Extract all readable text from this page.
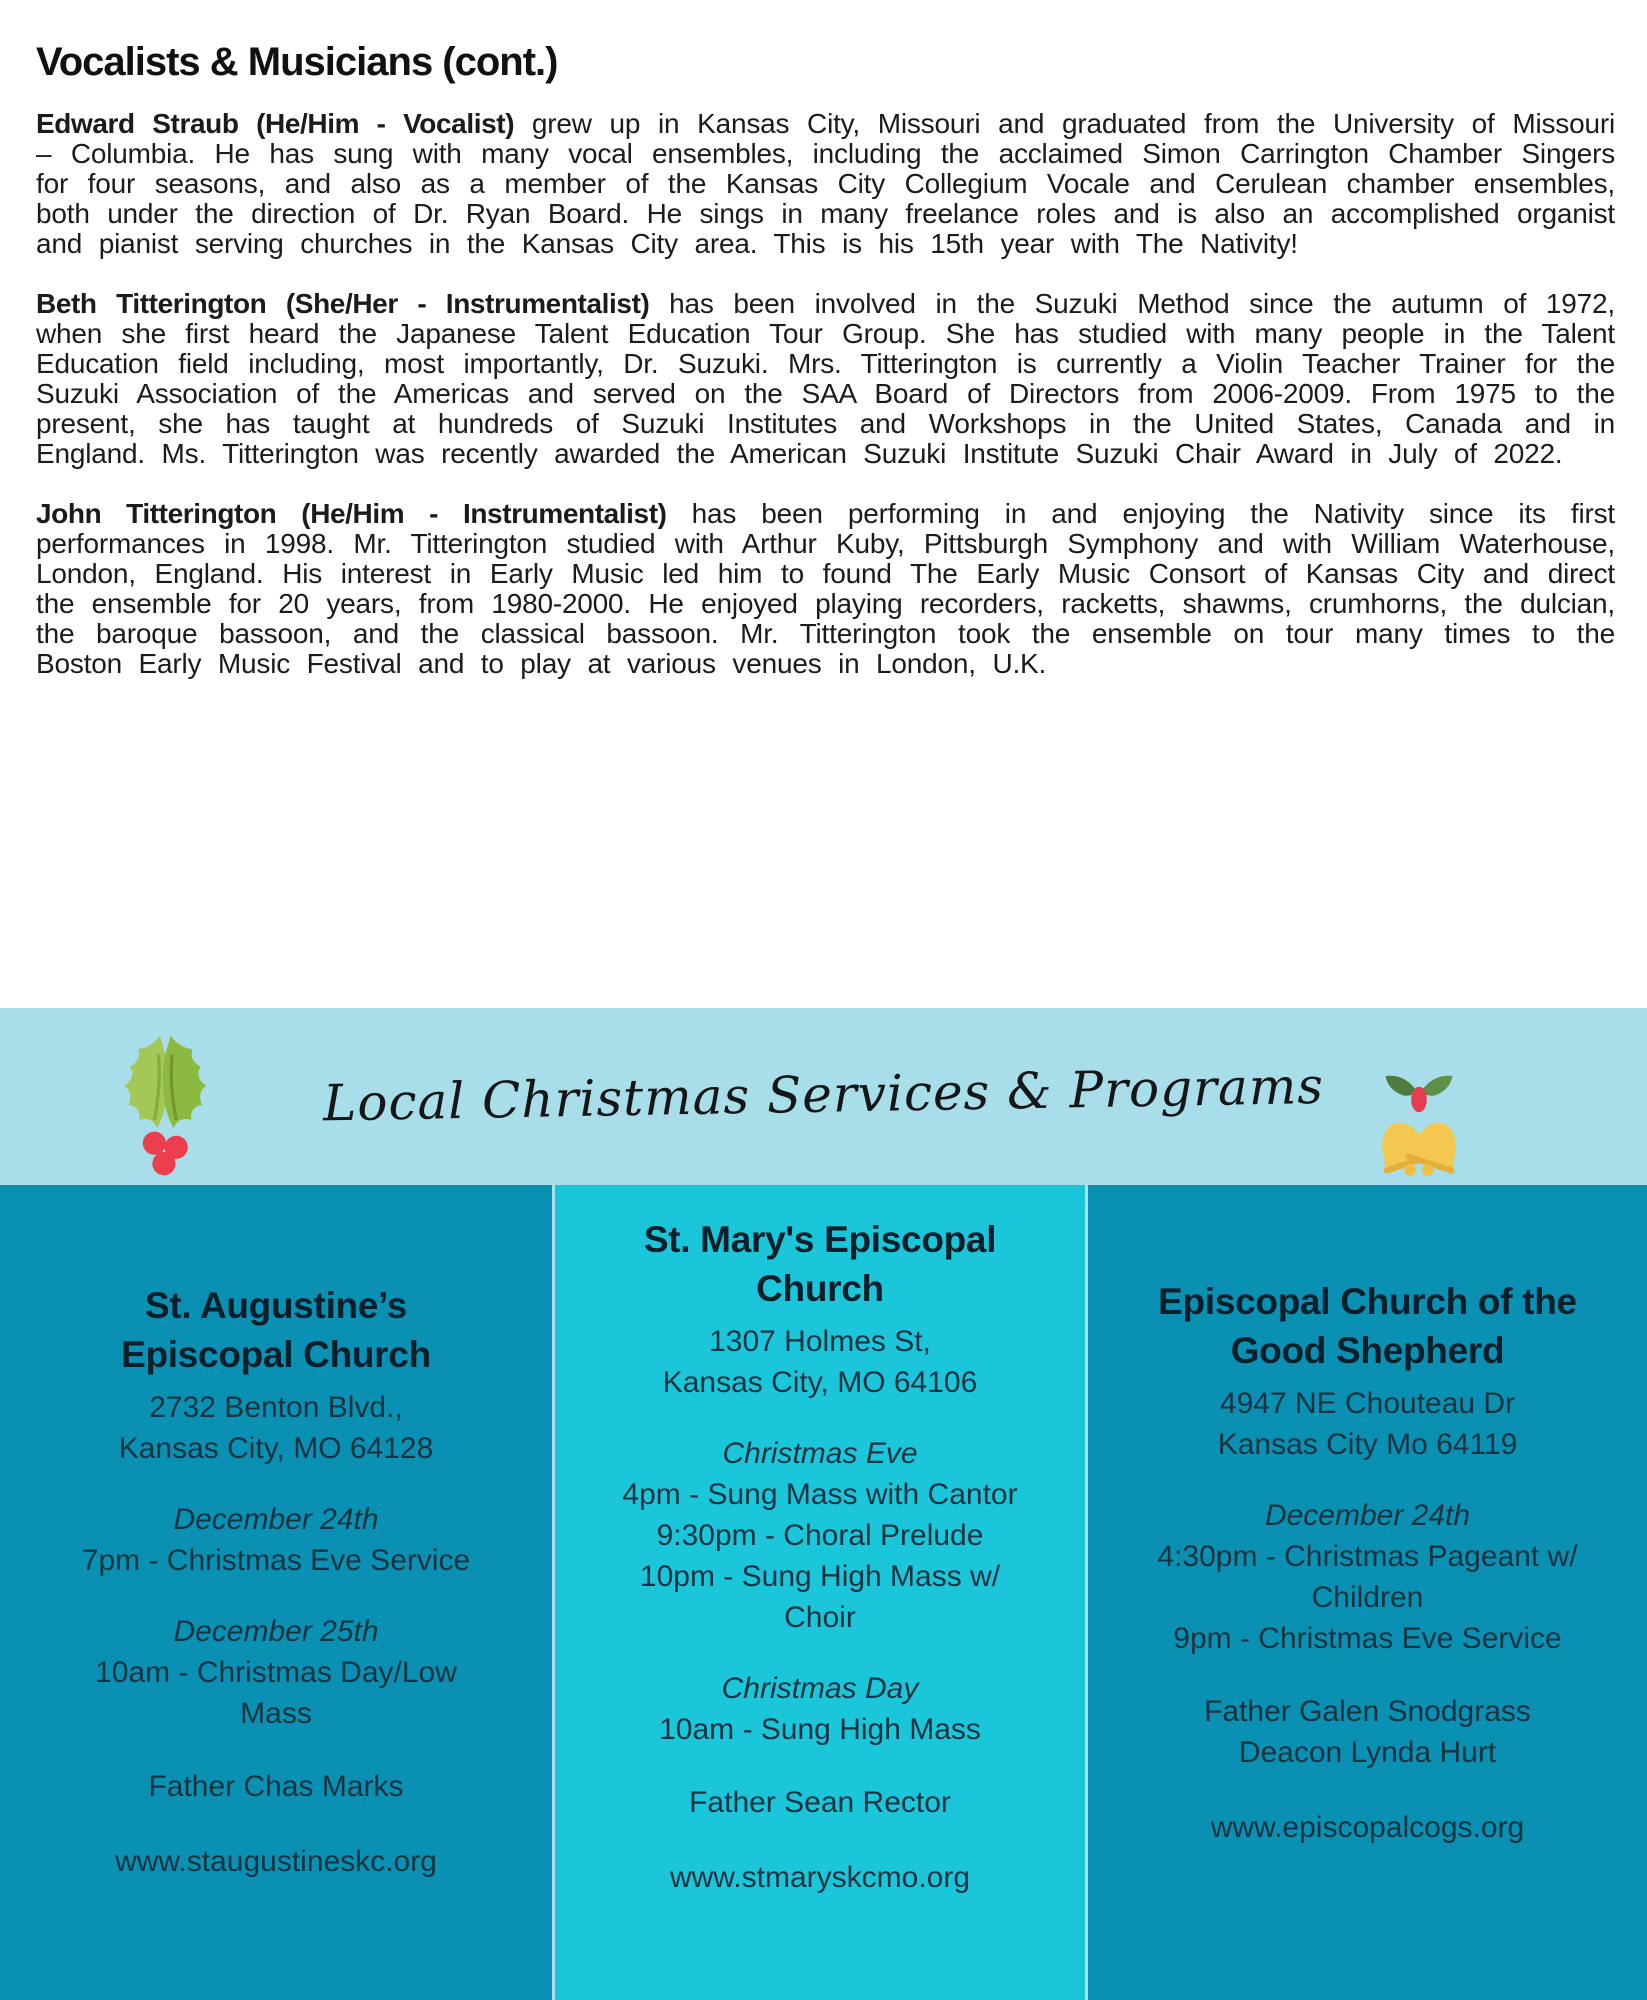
Vocalists & Musicians (cont.)

Edward Straub (He/Him - Vocalist) grew up in Kansas City, Missouri and graduated from the University of Missouri – Columbia. He has sung with many vocal ensembles, including the acclaimed Simon Carrington Chamber Singers for four seasons, and also as a member of the Kansas City Collegium Vocale and Cerulean chamber ensembles, both under the direction of Dr. Ryan Board. He sings in many freelance roles and is also an accomplished organist and pianist serving churches in the Kansas City area. This is his 15th year with The Nativity!

Beth Titterington (She/Her - Instrumentalist) has been involved in the Suzuki Method since the autumn of 1972, when she first heard the Japanese Talent Education Tour Group. She has studied with many people in the Talent Education field including, most importantly, Dr. Suzuki. Mrs. Titterington is currently a Violin Teacher Trainer for the Suzuki Association of the Americas and served on the SAA Board of Directors from 2006-2009. From 1975 to the present, she has taught at hundreds of Suzuki Institutes and Workshops in the United States, Canada and in England. Ms. Titterington was recently awarded the American Suzuki Institute Suzuki Chair Award in July of 2022.

John Titterington (He/Him - Instrumentalist) has been performing in and enjoying the Nativity since its first performances in 1998. Mr. Titterington studied with Arthur Kuby, Pittsburgh Symphony and with William Waterhouse, London, England. His interest in Early Music led him to found The Early Music Consort of Kansas City and direct the ensemble for 20 years, from 1980-2000. He enjoyed playing recorders, racketts, shawms, crumhorns, the dulcian, the baroque bassoon, and the classical bassoon. Mr. Titterington took the ensemble on tour many times to the Boston Early Music Festival and to play at various venues in London, U.K.

Local Christmas Services & Programs
St. Augustine’s Episcopal Church
2732 Benton Blvd.,
Kansas City, MO 64128
December 24th
7pm - Christmas Eve Service
December 25th
10am - Christmas Day/Low Mass
Father Chas Marks
www.staugustineskc.org
St. Mary's Episcopal Church
1307 Holmes St,
Kansas City, MO 64106
Christmas Eve
4pm - Sung Mass with Cantor
9:30pm - Choral Prelude
10pm - Sung High Mass w/ Choir
Christmas Day
10am - Sung High Mass
Father Sean Rector
www.stmaryskcmo.org
Episcopal Church of the Good Shepherd
4947 NE Chouteau Dr
Kansas City Mo 64119
December 24th
4:30pm - Christmas Pageant w/ Children
9pm - Christmas Eve Service
Father Galen Snodgrass
Deacon Lynda Hurt
www.episcopalcogs.org
